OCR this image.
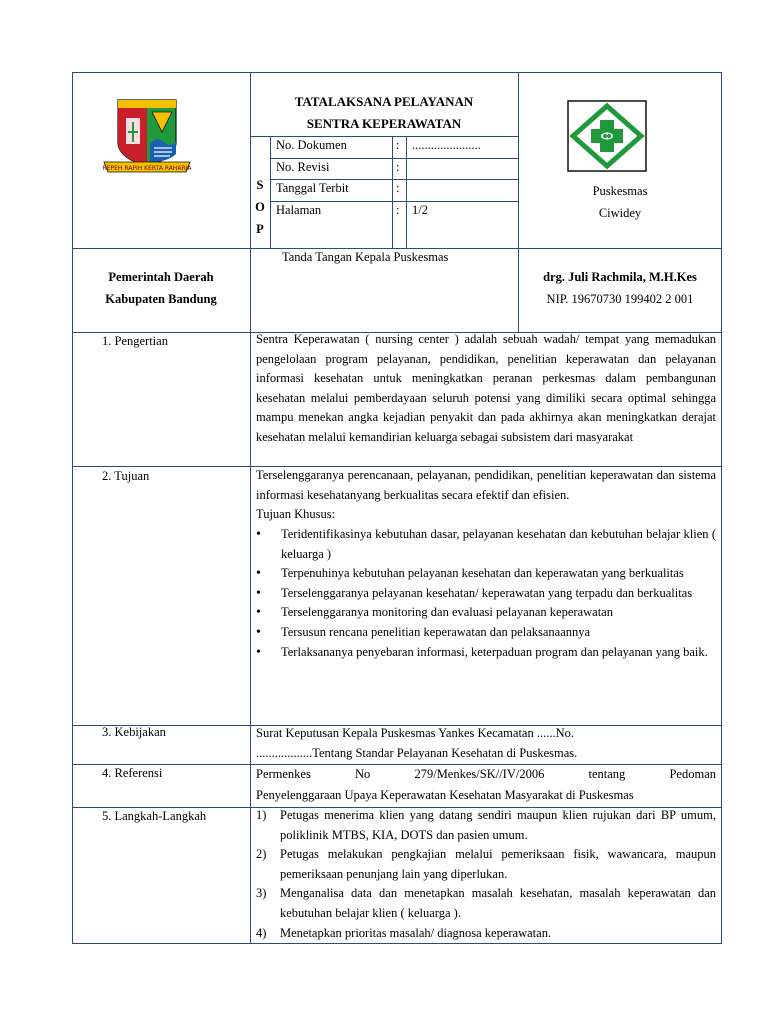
REPEH RAPIH KERTA RAHARJA
TATALAKSANA PELAYANAN
SENTRA KEPERAWATAN
S
O
P
No. Dokumen	: ......................
No. Revisi	:
Tanggal Terbit	:
Halaman	: 1/2
Puskesmas
Ciwidey
Pemerintah Daerah
Kabupaten Bandung
Tanda Tangan Kepala Puskesmas
drg. Juli Rachmila, M.H.Kes
NIP. 19670730 199402 2 001
1. Pengertian	Sentra Keperawatan ( nursing center ) adalah sebuah wadah/ tempat yang memadukan pengelolaan program pelayanan, pendidikan, penelitian keperawatan dan pelayanan informasi kesehatan untuk meningkatkan peranan perkesmas dalam pembangunan kesehatan melalui pemberdayaan seluruh potensi yang dimiliki secara optimal sehingga mampu menekan angka kejadian penyakit dan pada akhirnya akan meningkatkan derajat kesehatan melalui kemandirian keluarga sebagai subsistem dari masyarakat
2. Tujuan	Terselenggaranya perencanaan, pelayanan, pendidikan, penelitian keperawatan dan sistema informasi kesehatanyang berkualitas secara efektif dan efisien.
Tujuan Khusus:
• Teridentifikasinya kebutuhan dasar, pelayanan kesehatan dan kebutuhan belajar klien ( keluarga )
• Terpenuhinya kebutuhan pelayanan kesehatan dan keperawatan yang berkualitas
• Terselenggaranya pelayanan kesehatan/ keperawatan yang terpadu dan berkualitas
• Terselenggaranya monitoring dan evaluasi pelayanan keperawatan
• Tersusun rencana penelitian keperawatan dan pelaksanaannya
• Terlaksananya penyebaran informasi, keterpaduan program dan pelayanan yang baik.
3. Kebijakan	Surat Keputusan Kepala Puskesmas Yankes Kecamatan ......No.
..................Tentang Standar Pelayanan Kesehatan di Puskesmas.
4. Referensi	Permenkes No 279/Menkes/SK//IV/2006 tentang Pedoman
Penyelenggaraan Upaya Keperawatan Kesehatan Masyarakat di Puskesmas
5. Langkah-Langkah	1) Petugas menerima klien yang datang sendiri maupun klien rujukan dari BP umum, poliklinik MTBS, KIA, DOTS dan pasien umum.
2) Petugas melakukan pengkajian melalui pemeriksaan fisik, wawancara, maupun pemeriksaan penunjang lain yang diperlukan.
3) Menganalisa data dan menetapkan masalah kesehatan, masalah keperawatan dan kebutuhan belajar klien ( keluarga ).
4) Menetapkan prioritas masalah/ diagnosa keperawatan.
